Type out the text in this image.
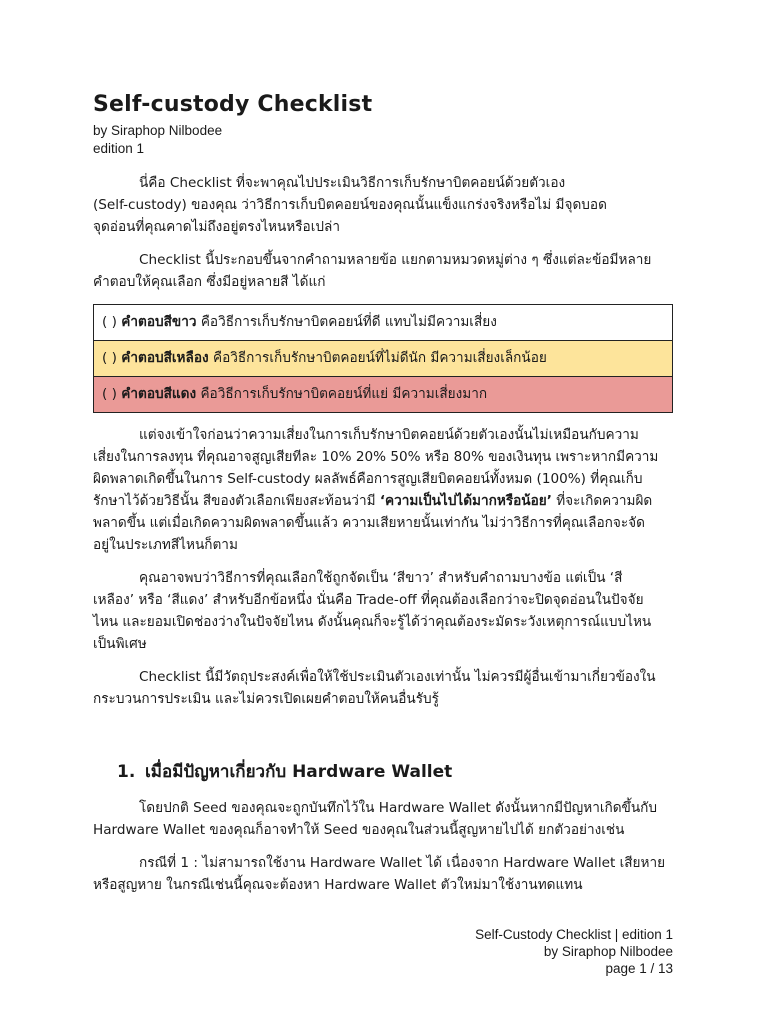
Self-custody Checklist
by Siraphop Nilbodee
edition 1
นี่คือ Checklist ที่จะพาคุณไปประเมินวิธีการเก็บรักษาบิตคอยน์ด้วยตัวเอง
(Self-custody) ของคุณ ว่าวิธีการเก็บบิตคอยน์ของคุณนั้นแข็งแกร่งจริงหรือไม่ มีจุดบอด
จุดอ่อนที่คุณคาดไม่ถึงอยู่ตรงไหนหรือเปล่า
Checklist นี้ประกอบขึ้นจากคำถามหลายข้อ แยกตามหมวดหมู่ต่าง ๆ ซึ่งแต่ละข้อมีหลาย
คำตอบให้คุณเลือก ซึ่งมีอยู่หลายสี ได้แก่
( ) คำตอบสีขาว คือวิธีการเก็บรักษาบิตคอยน์ที่ดี แทบไม่มีความเสี่ยง
( ) คำตอบสีเหลือง คือวิธีการเก็บรักษาบิตคอยน์ที่ไม่ดีนัก มีความเสี่ยงเล็กน้อย
( ) คำตอบสีแดง คือวิธีการเก็บรักษาบิตคอยน์ที่แย่ มีความเสี่ยงมาก
แต่จงเข้าใจก่อนว่าความเสี่ยงในการเก็บรักษาบิตคอยน์ด้วยตัวเองนั้นไม่เหมือนกับความ
เสี่ยงในการลงทุน ที่คุณอาจสูญเสียทีละ 10% 20% 50% หรือ 80% ของเงินทุน เพราะหากมีความ
ผิดพลาดเกิดขึ้นในการ Self-custody ผลลัพธ์คือการสูญเสียบิตคอยน์ทั้งหมด (100%) ที่คุณเก็บ
รักษาไว้ด้วยวิธีนั้น สีของตัวเลือกเพียงสะท้อนว่ามี ‘ความเป็นไปได้มากหรือน้อย’ ที่จะเกิดความผิด
พลาดขึ้น แต่เมื่อเกิดความผิดพลาดขึ้นแล้ว ความเสียหายนั้นเท่ากัน ไม่ว่าวิธีการที่คุณเลือกจะจัด
อยู่ในประเภทสีไหนก็ตาม
คุณอาจพบว่าวิธีการที่คุณเลือกใช้ถูกจัดเป็น ‘สีขาว’ สำหรับคำถามบางข้อ แต่เป็น ‘สี
เหลือง’ หรือ ‘สีแดง’ สำหรับอีกข้อหนึ่ง นั่นคือ Trade-off ที่คุณต้องเลือกว่าจะปิดจุดอ่อนในปัจจัย
ไหน และยอมเปิดช่องว่างในปัจจัยไหน ดังนั้นคุณก็จะรู้ได้ว่าคุณต้องระมัดระวังเหตุการณ์แบบไหน
เป็นพิเศษ
Checklist นี้มีวัตถุประสงค์เพื่อให้ใช้ประเมินตัวเองเท่านั้น ไม่ควรมีผู้อื่นเข้ามาเกี่ยวข้องใน
กระบวนการประเมิน และไม่ควรเปิดเผยคำตอบให้คนอื่นรับรู้
1. เมื่อมีปัญหาเกี่ยวกับ Hardware Wallet
โดยปกติ Seed ของคุณจะถูกบันทึกไว้ใน Hardware Wallet ดังนั้นหากมีปัญหาเกิดขึ้นกับ
Hardware Wallet ของคุณก็อาจทำให้ Seed ของคุณในส่วนนี้สูญหายไปได้ ยกตัวอย่างเช่น
กรณีที่ 1 : ไม่สามารถใช้งาน Hardware Wallet ได้ เนื่องจาก Hardware Wallet เสียหาย
หรือสูญหาย ในกรณีเช่นนี้คุณจะต้องหา Hardware Wallet ตัวใหม่มาใช้งานทดแทน
Self-Custody Checklist | edition 1
by Siraphop Nilbodee
page 1 / 13
